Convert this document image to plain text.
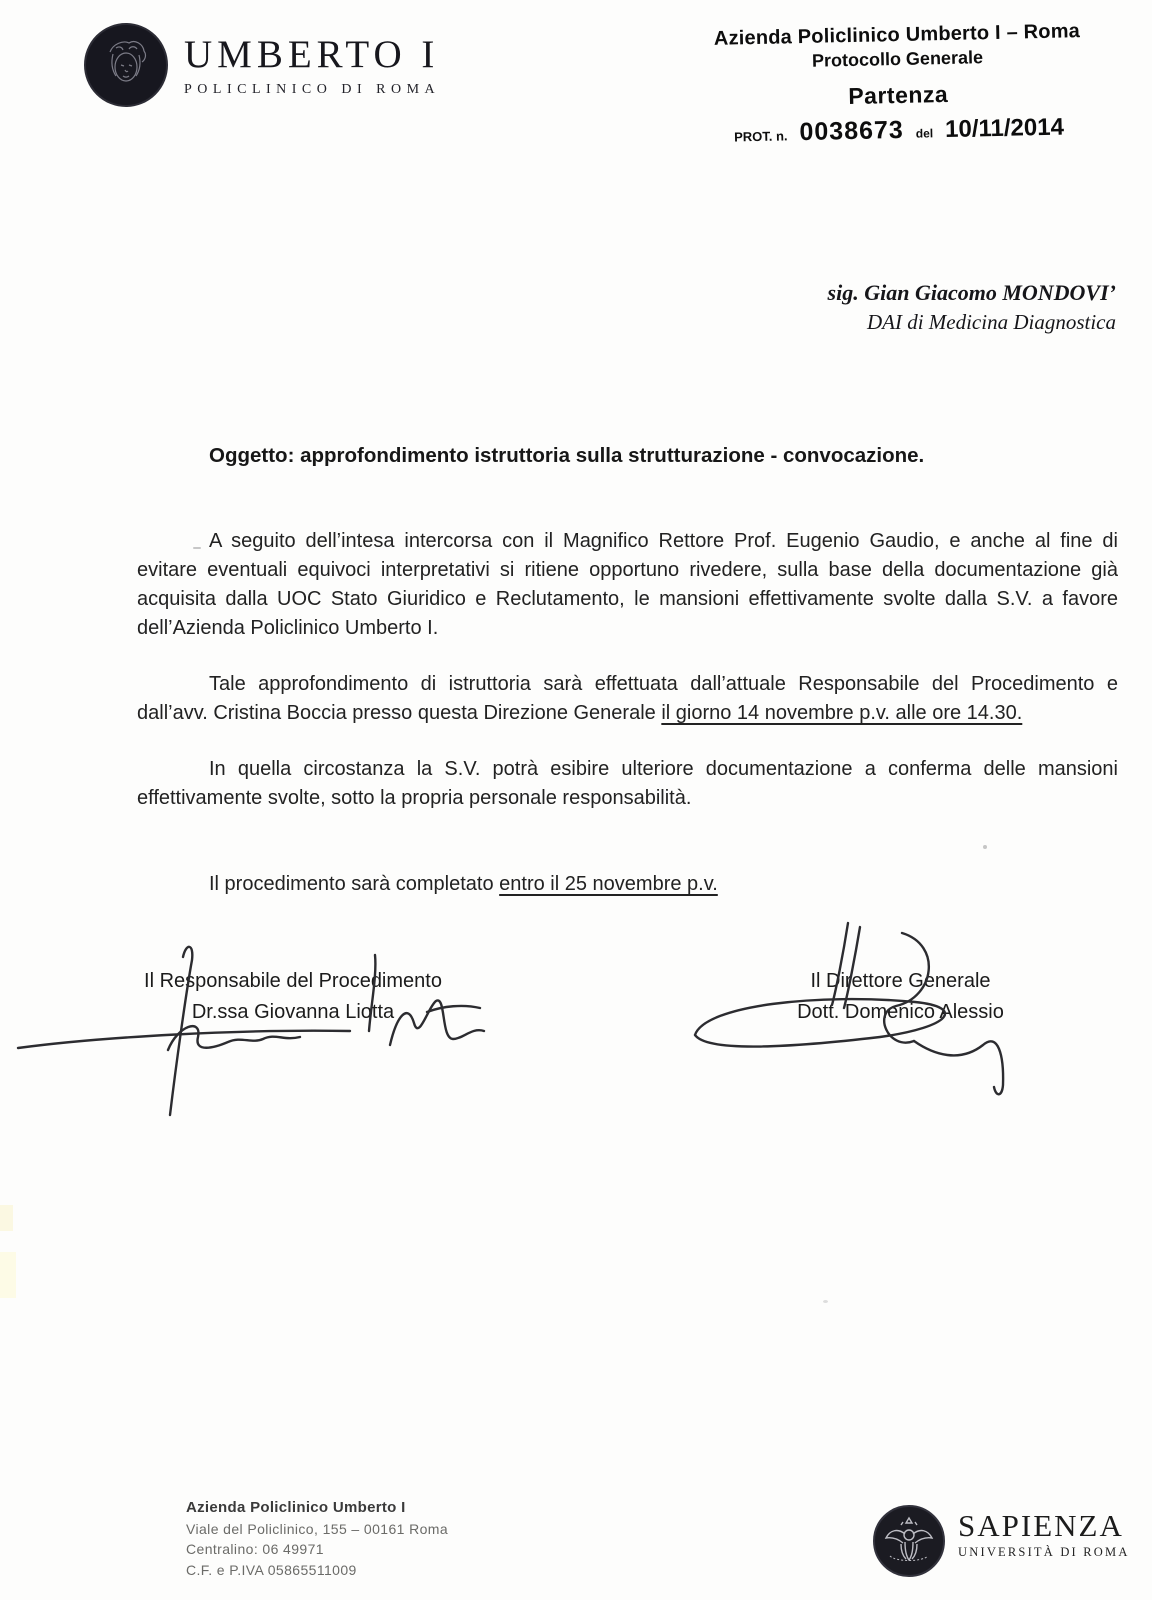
UMBERTO I
POLICLINICO DI ROMA
Azienda Policlinico Umberto I – Roma
Protocollo Generale
Partenza
PROT. n. 0038673 del 10/11/2014
sig. Gian Giacomo MONDOVI’
DAI di Medicina Diagnostica
Oggetto: approfondimento istruttoria sulla strutturazione - convocazione.

A seguito dell’intesa intercorsa con il Magnifico Rettore Prof. Eugenio Gaudio, e anche al fine di evitare eventuali equivoci interpretativi si ritiene opportuno rivedere, sulla base della documentazione già acquisita dalla UOC Stato Giuridico e Reclutamento, le mansioni effettivamente svolte dalla S.V. a favore dell’Azienda Policlinico Umberto I.

Tale approfondimento di istruttoria sarà effettuata dall’attuale Responsabile del Procedimento e dall’avv. Cristina Boccia presso questa Direzione Generale il giorno 14 novembre p.v. alle ore 14.30.

In quella circostanza la S.V. potrà esibire ulteriore documentazione a conferma delle mansioni effettivamente svolte, sotto la propria personale responsabilità.

Il procedimento sarà completato entro il 25 novembre p.v.

Il Responsabile del Procedimento
Dr.ssa Giovanna Liotta
Il Direttore Generale
Dott. Domenico Alessio
Azienda Policlinico Umberto I
Viale del Policlinico, 155 – 00161 Roma
Centralino: 06 49971
C.F. e P.IVA 05865511009
SAPIENZA
UNIVERSITÀ DI ROMA
